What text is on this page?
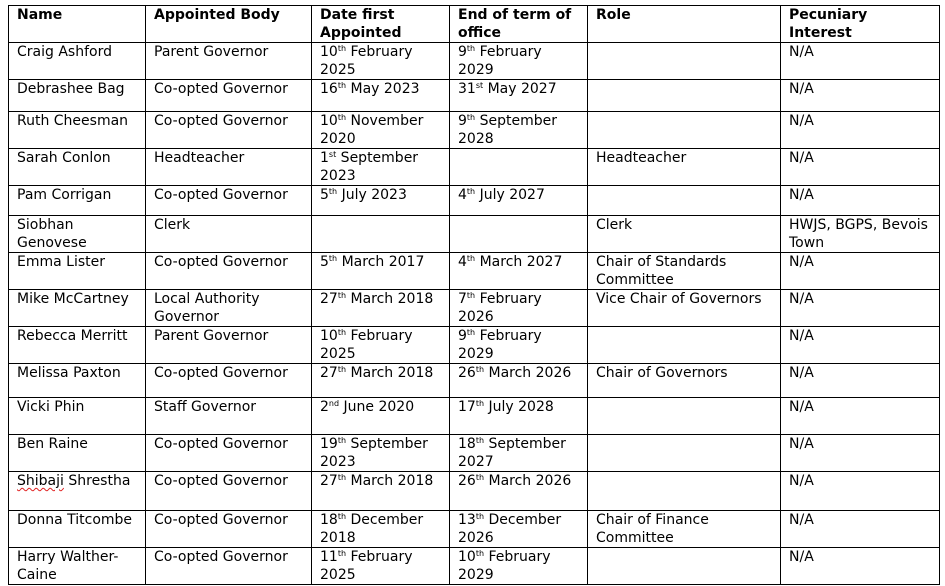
Name	Appointed Body	Date first Appointed	End of term of office	Role	Pecuniary Interest
Craig Ashford	Parent Governor	10th February 2025	9th February 2029		N/A
Debrashee Bag	Co-opted Governor	16th May 2023	31st May 2027		N/A
Ruth Cheesman	Co-opted Governor	10th November 2020	9th September 2028		N/A
Sarah Conlon	Headteacher	1st September 2023		Headteacher	N/A
Pam Corrigan	Co-opted Governor	5th July 2023	4th July 2027		N/A
Siobhan Genovese	Clerk			Clerk	HWJS, BGPS, Bevois Town
Emma Lister	Co-opted Governor	5th March 2017	4th March 2027	Chair of Standards Committee	N/A
Mike McCartney	Local Authority Governor	27th March 2018	7th February 2026	Vice Chair of Governors	N/A
Rebecca Merritt	Parent Governor	10th February 2025	9th February 2029		N/A
Melissa Paxton	Co-opted Governor	27th March 2018	26th March 2026	Chair of Governors	N/A
Vicki Phin	Staff Governor	2nd June 2020	17th July 2028		N/A
Ben Raine	Co-opted Governor	19th September 2023	18th September 2027		N/A
Shibaji Shrestha	Co-opted Governor	27th March 2018	26th March 2026		N/A
Donna Titcombe	Co-opted Governor	18th December 2018	13th December 2026	Chair of Finance Committee	N/A
Harry Walther-Caine	Co-opted Governor	11th February 2025	10th February 2029		N/A
